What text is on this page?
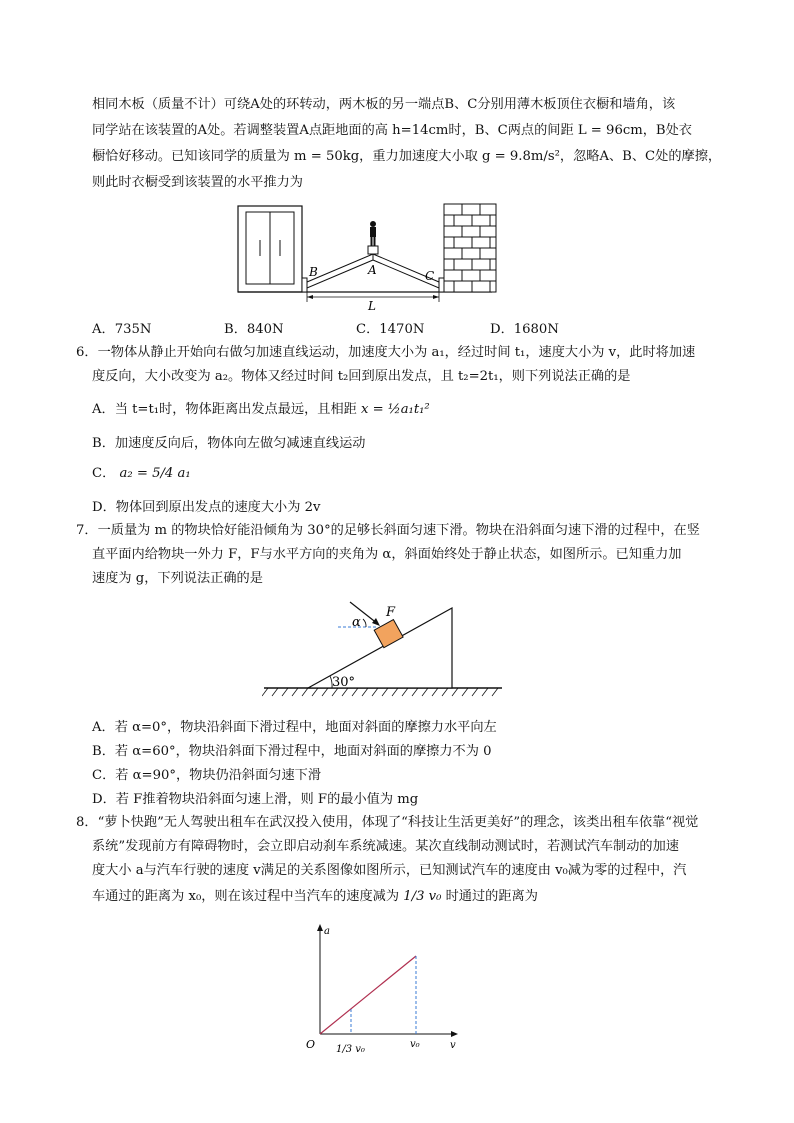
相同木板（质量不计）可绕A处的环转动，两木板的另一端点B、C分别用薄木板顶住衣橱和墙角，该
同学站在该装置的A处。若调整装置A点距地面的高 h=14cm时，B、C两点的间距 L = 96cm，B处衣
橱恰好移动。已知该同学的质量为 m = 50kg，重力加速度大小取 g = 9.8m/s²，忽略A、B、C处的摩擦，
则此时衣橱受到该装置的水平推力为
B	A	C
L
A．735N	B．840N	C．1470N	D．1680N
6．一物体从静止开始向右做匀加速直线运动，加速度大小为 a₁，经过时间 t₁，速度大小为 v，此时将加速
度反向，大小改变为 a₂。物体又经过时间 t₂回到原出发点，且 t₂=2t₁，则下列说法正确的是
A．当 t=t₁时，物体距离出发点最远，且相距 x = ½a₁t₁²
B．加速度反向后，物体向左做匀减速直线运动
C． a₂ = 5/4 a₁
D．物体回到原出发点的速度大小为 2v
7．一质量为 m 的物块恰好能沿倾角为 30°的足够长斜面匀速下滑。物块在沿斜面匀速下滑的过程中，在竖
直平面内给物块一外力 F，F与水平方向的夹角为 α，斜面始终处于静止状态，如图所示。已知重力加
速度为 g，下列说法正确的是
30°
α
F
A．若 α=0°，物块沿斜面下滑过程中，地面对斜面的摩擦力水平向左
B．若 α=60°，物块沿斜面下滑过程中，地面对斜面的摩擦力不为 0
C．若 α=90°，物块仍沿斜面匀速下滑
D．若 F推着物块沿斜面匀速上滑，则 F的最小值为 mg
8．“萝卜快跑”无人驾驶出租车在武汉投入使用，体现了“科技让生活更美好”的理念，该类出租车依靠“视觉
系统”发现前方有障碍物时，会立即启动刹车系统减速。某次直线制动测试时，若测试汽车制动的加速
度大小 a与汽车行驶的速度 v满足的关系图像如图所示，已知测试汽车的速度由 v₀减为零的过程中，汽
车通过的距离为 x₀，则在该过程中当汽车的速度减为 1/3 v₀ 时通过的距离为
a
v
O	v₀
1/3 v₀
